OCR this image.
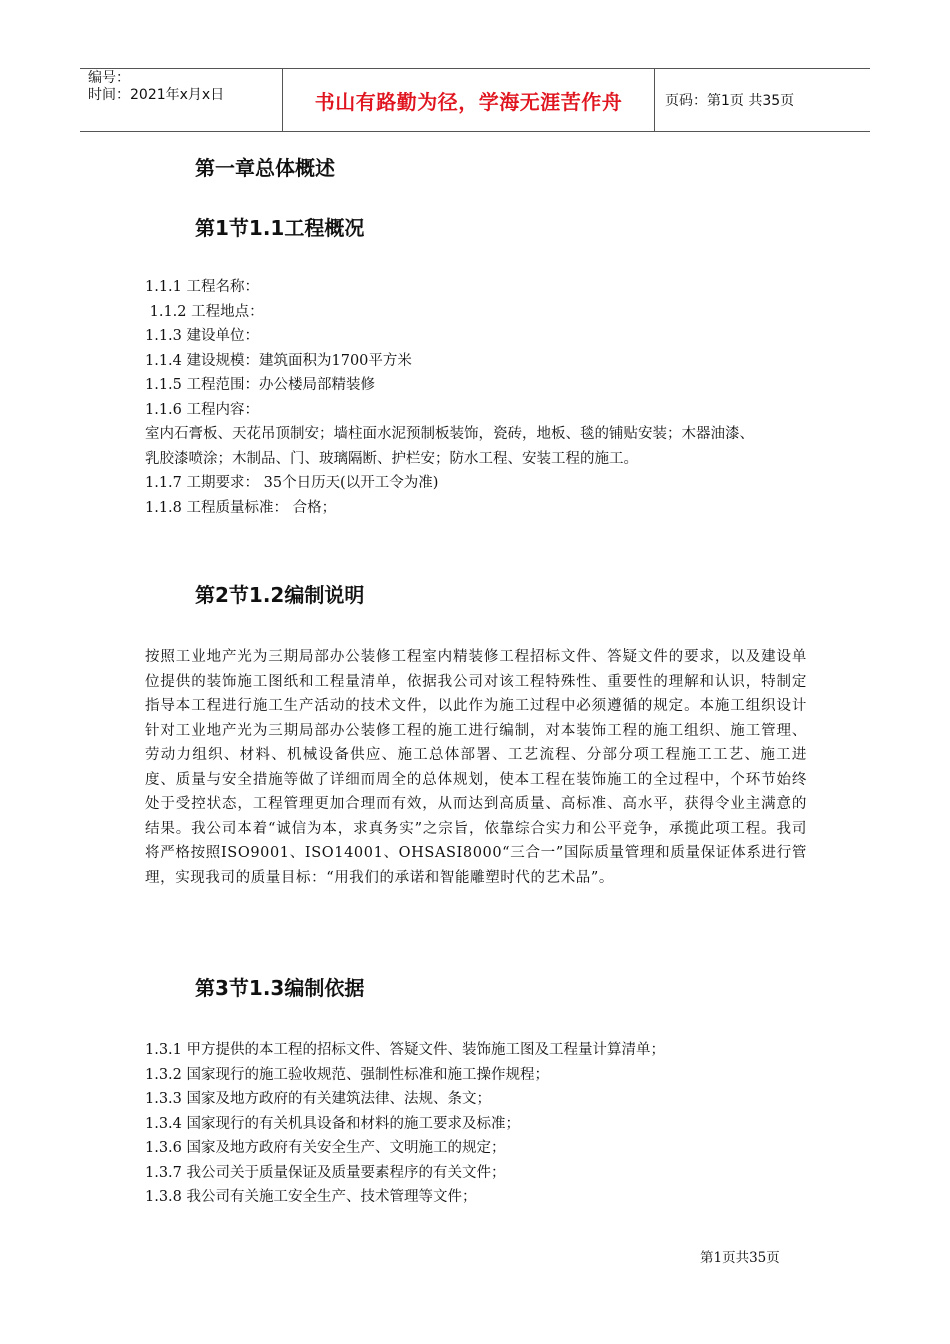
编号：
时间：2021年x月x日	书山有路勤为径，学海无涯苦作舟	页码：第1页 共35页
第一章总体概述
第1节1.1工程概况
1.1.1 工程名称：
1.1.2 工程地点：
1.1.3 建设单位：
1.1.4 建设规模：建筑面积为1700平方米
1.1.5 工程范围：办公楼局部精装修
1.1.6 工程内容：
室内石膏板、天花吊顶制安；墙柱面水泥预制板装饰，瓷砖，地板、毯的铺贴安装；木器油漆、
乳胶漆喷涂；木制品、门、玻璃隔断、护栏安；防水工程、安装工程的施工。
1.1.7 工期要求： 35个日历天(以开工令为准)
1.1.8 工程质量标准： 合格；
第2节1.2编制说明
按照工业地产光为三期局部办公装修工程室内精装修工程招标文件、答疑文件的要求，以及建设单位提供的装饰施工图纸和工程量清单，依据我公司对该工程特殊性、重要性的理解和认识，特制定指导本工程进行施工生产活动的技术文件，以此作为施工过程中必须遵循的规定。本施工组织设计针对工业地产光为三期局部办公装修工程的施工进行编制，对本装饰工程的施工组织、施工管理、劳动力组织、材料、机械设备供应、施工总体部署、工艺流程、分部分项工程施工工艺、施工进度、质量与安全措施等做了详细而周全的总体规划，使本工程在装饰施工的全过程中，个环节始终处于受控状态，工程管理更加合理而有效，从而达到高质量、高标准、高水平，获得令业主满意的结果。我公司本着“诚信为本，求真务实”之宗旨，依靠综合实力和公平竞争，承揽此项工程。我司将严格按照ISO9001、ISO14001、OHSASI8000“三合一”国际质量管理和质量保证体系进行管理，实现我司的质量目标：“用我们的承诺和智能雕塑时代的艺术品”。
第3节1.3编制依据
1.3.1 甲方提供的本工程的招标文件、答疑文件、装饰施工图及工程量计算清单；
1.3.2 国家现行的施工验收规范、强制性标准和施工操作规程；
1.3.3 国家及地方政府的有关建筑法律、法规、条文；
1.3.4 国家现行的有关机具设备和材料的施工要求及标准；
1.3.6 国家及地方政府有关安全生产、文明施工的规定；
1.3.7 我公司关于质量保证及质量要素程序的有关文件；
1.3.8 我公司有关施工安全生产、技术管理等文件；
第1页共35页
